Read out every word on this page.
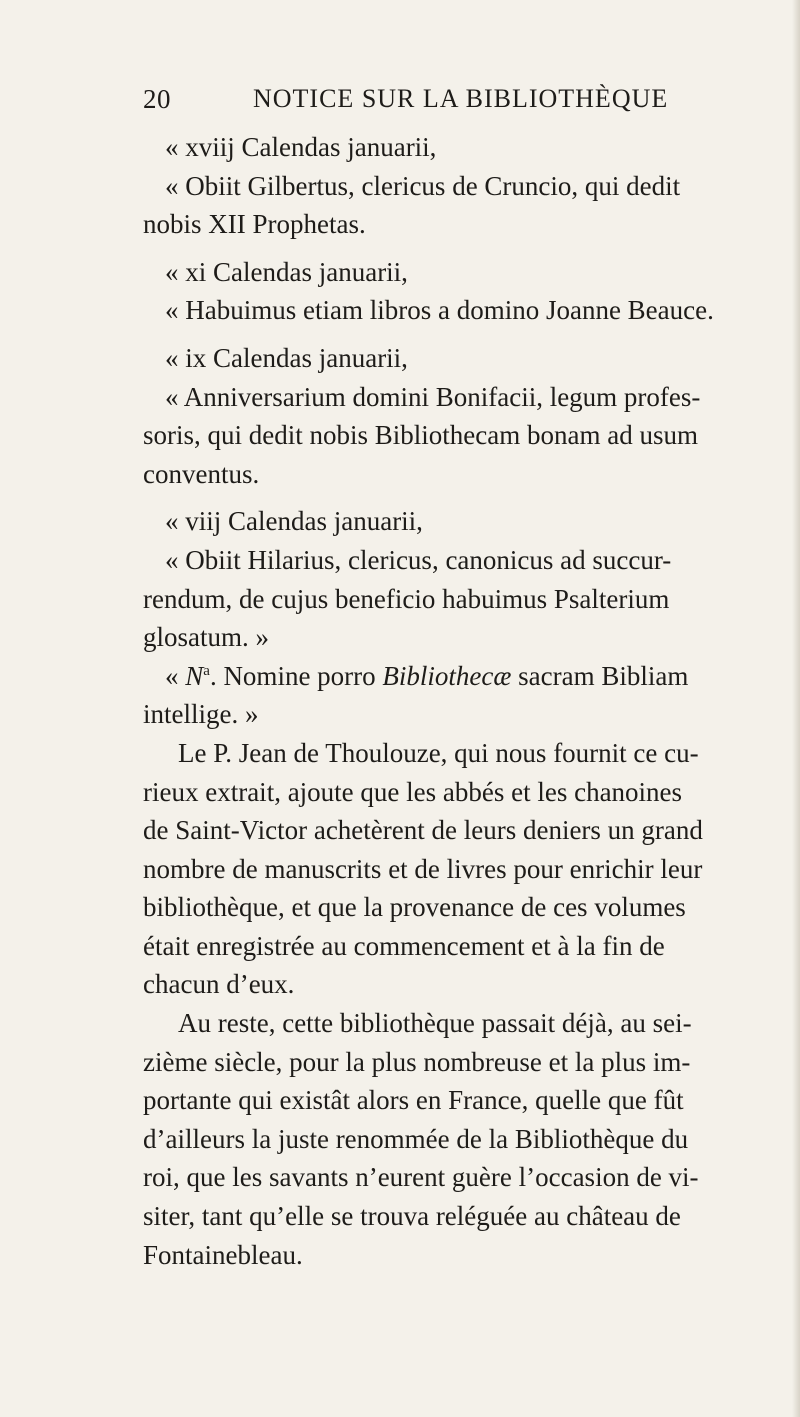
20	NOTICE SUR LA BIBLIOTHÈQUE
« xviij Calendas januarii,
« Obiit Gilbertus, clericus de Cruncio, qui dedit
nobis XII Prophetas.
« xi Calendas januarii,
« Habuimus etiam libros a domino Joanne Beauce.
« ix Calendas januarii,
« Anniversarium domini Bonifacii, legum profes-
soris, qui dedit nobis Bibliothecam bonam ad usum
conventus.
« viij Calendas januarii,
« Obiit Hilarius, clericus, canonicus ad succur-
rendum, de cujus beneficio habuimus Psalterium
glosatum. »
« $N^a$. Nomine porro Bibliothecæ sacram Bibliam
intellige. »
Le P. Jean de Thoulouze, qui nous fournit ce cu-
rieux extrait, ajoute que les abbés et les chanoines
de Saint-Victor achetèrent de leurs deniers un grand
nombre de manuscrits et de livres pour enrichir leur
bibliothèque, et que la provenance de ces volumes
était enregistrée au commencement et à la fin de
chacun d’eux.
Au reste, cette bibliothèque passait déjà, au sei-
zième siècle, pour la plus nombreuse et la plus im-
portante qui existât alors en France, quelle que fût
d’ailleurs la juste renommée de la Bibliothèque du
roi, que les savants n’eurent guère l’occasion de vi-
siter, tant qu’elle se trouva reléguée au château de
Fontainebleau.
